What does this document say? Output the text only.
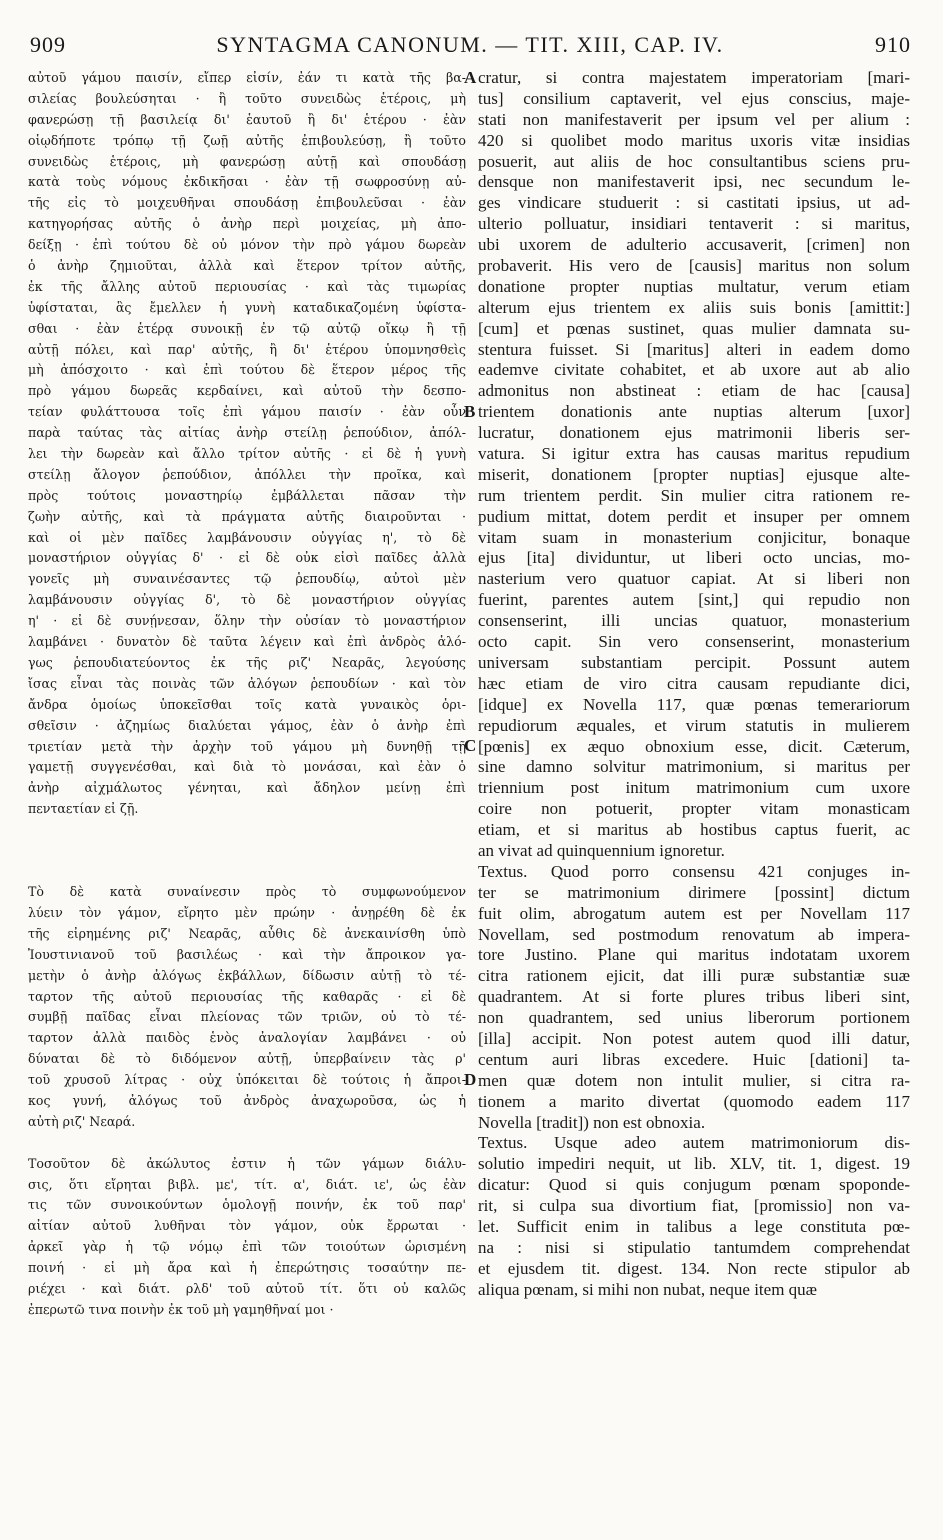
909	SYNTAGMA CANONUM. — TIT. XIII, CAP. IV.	910
A
B
C
D
αὐτοῦ γάμου παισίν, εἴπερ εἰσίν, ἐάν τι κατὰ τῆς βα-
σιλείας βουλεύσηται · ἢ τοῦτο συνειδὼς ἑτέροις, μὴ
φανερώσῃ τῇ βασιλείᾳ δι' ἑαυτοῦ ἢ δι' ἑτέρου · ἐὰν
οἱῳδήποτε τρόπῳ τῇ ζωῇ αὐτῆς ἐπιβουλεύσῃ, ἢ τοῦτο
συνειδὼς ἑτέροις, μὴ φανερώσῃ αὐτῇ καὶ σπουδάσῃ
κατὰ τοὺς νόμους ἐκδικῆσαι · ἐὰν τῇ σωφροσύνῃ αὐ-
τῆς εἰς τὸ μοιχευθῆναι σπουδάσῃ ἐπιβουλεῦσαι · ἐὰν
κατηγορήσας αὐτῆς ὁ ἀνὴρ περὶ μοιχείας, μὴ ἀπο-
δείξῃ · ἐπὶ τούτου δὲ οὐ μόνον τὴν πρὸ γάμου δωρεὰν
ὁ ἀνὴρ ζημιοῦται, ἀλλὰ καὶ ἕτερον τρίτον αὐτῆς,
ἐκ τῆς ἄλλης αὐτοῦ περιουσίας · καὶ τὰς τιμωρίας
ὑφίσταται, ἃς ἔμελλεν ἡ γυνὴ καταδικαζομένη ὑφίστα-
σθαι · ἐὰν ἑτέρᾳ συνοικῇ ἐν τῷ αὐτῷ οἴκῳ ἢ τῇ
αὐτῇ πόλει, καὶ παρ' αὐτῆς, ἢ δι' ἑτέρου ὑπομνησθεὶς
μὴ ἀπόσχοιτο · καὶ ἐπὶ τούτου δὲ ἕτερον μέρος τῆς
πρὸ γάμου δωρεᾶς κερδαίνει, καὶ αὐτοῦ τὴν δεσπο-
τείαν φυλάττουσα τοῖς ἐπὶ γάμου παισίν · ἐὰν οὖν
παρὰ ταύτας τὰς αἰτίας ἀνὴρ στείλῃ ῥεπούδιον, ἀπόλ-
λει τὴν δωρεὰν καὶ ἄλλο τρίτον αὐτῆς · εἰ δὲ ἡ γυνὴ
στείλῃ ἄλογον ῥεπούδιον, ἀπόλλει τὴν προῖκα, καὶ
πρὸς τούτοις μοναστηρίῳ ἐμβάλλεται πᾶσαν τὴν
ζωὴν αὐτῆς, καὶ τὰ πράγματα αὐτῆς διαιροῦνται ·
καὶ οἱ μὲν παῖδες λαμβάνουσιν οὐγγίας η', τὸ δὲ
μοναστήριον οὐγγίας δ' · εἰ δὲ οὐκ εἰσὶ παῖδες ἀλλὰ
γονεῖς μὴ συναινέσαντες τῷ ῥεπουδίῳ, αὐτοὶ μὲν
λαμβάνουσιν οὐγγίας δ', τὸ δὲ μοναστήριον οὐγγίας
η' · εἰ δὲ συνῄνεσαν, ὅλην τὴν οὐσίαν τὸ μοναστήριον
λαμβάνει · δυνατὸν δὲ ταῦτα λέγειν καὶ ἐπὶ ἀνδρὸς ἀλό-
γως ῥεπουδιατεύοντος ἐκ τῆς ριζ' Νεαρᾶς, λεγούσης
ἴσας εἶναι τὰς ποινὰς τῶν ἀλόγων ῥεπουδίων · καὶ τὸν
ἄνδρα ὁμοίως ὑποκεῖσθαι τοῖς κατὰ γυναικὸς ὁρι-
σθεῖσιν · ἀζημίως διαλύεται γάμος, ἐὰν ὁ ἀνὴρ ἐπὶ
τριετίαν μετὰ τὴν ἀρχὴν τοῦ γάμου μὴ δυνηθῇ τῇ
γαμετῇ συγγενέσθαι, καὶ διὰ τὸ μονάσαι, καὶ ἐὰν ὁ
ἀνὴρ αἰχμάλωτος γένηται, καὶ ἄδηλον μείνῃ ἐπὶ
πενταετίαν εἰ ζῇ.
Τὸ δὲ κατὰ συναίνεσιν πρὸς τὸ συμφωνούμενον
λύειν τὸν γάμον, εἴρητο μὲν πρώην · ἀνῃρέθη δὲ ἐκ
τῆς εἰρημένης ριζ' Νεαρᾶς, αὖθις δὲ ἀνεκαινίσθη ὑπὸ
Ἰουστινιανοῦ τοῦ βασιλέως · καὶ τὴν ἄπροικον γα-
μετὴν ὁ ἀνὴρ ἀλόγως ἐκβάλλων, δίδωσιν αὐτῇ τὸ τέ-
ταρτον τῆς αὐτοῦ περιουσίας τῆς καθαρᾶς · εἰ δὲ
συμβῇ παῖδας εἶναι πλείονας τῶν τριῶν, οὐ τὸ τέ-
ταρτον ἀλλὰ παιδὸς ἑνὸς ἀναλογίαν λαμβάνει · οὐ
δύναται δὲ τὸ διδόμενον αὐτῇ, ὑπερβαίνειν τὰς ρ'
τοῦ χρυσοῦ λίτρας · οὐχ ὑπόκειται δὲ τούτοις ἡ ἄπροι-
κος γυνή, ἀλόγως τοῦ ἀνδρὸς ἀναχωροῦσα, ὡς ἡ
αὐτὴ ριζ' Νεαρά.
Τοσοῦτον δὲ ἀκώλυτος ἐστιν ἡ τῶν γάμων διάλυ-
σις, ὅτι εἴρηται βιβλ. με', τίτ. α', διάτ. ιε', ὡς ἐὰν
τις τῶν συνοικούντων ὁμολογῇ ποινήν, ἐκ τοῦ παρ'
αἰτίαν αὐτοῦ λυθῆναι τὸν γάμον, οὐκ ἔρρωται ·
ἀρκεῖ γὰρ ἡ τῷ νόμῳ ἐπὶ τῶν τοιούτων ὡρισμένη
ποινή · εἰ μὴ ἄρα καὶ ἡ ἐπερώτησις τοσαύτην πε-
ριέχει · καὶ διάτ. ρλδ' τοῦ αὐτοῦ τίτ. ὅτι οὐ καλῶς
ἐπερωτῶ τινα ποινὴν ἐκ τοῦ μὴ γαμηθῆναί μοι ·
cratur, si contra majestatem imperatoriam [mari-
tus] consilium captaverit, vel ejus conscius, maje-
stati non manifestaverit per ipsum vel per alium :
420 si quolibet modo maritus uxoris vitæ insidias
posuerit, aut aliis de hoc consultantibus sciens pru-
densque non manifestaverit ipsi, nec secundum le-
ges vindicare studuerit : si castitati ipsius, ut ad-
ulterio polluatur, insidiari tentaverit : si maritus,
ubi uxorem de adulterio accusaverit, [crimen] non
probaverit. His vero de [causis] maritus non solum
donatione propter nuptias multatur, verum etiam
alterum ejus trientem ex aliis suis bonis [amittit:]
[cum] et pœnas sustinet, quas mulier damnata su-
stentura fuisset. Si [maritus] alteri in eadem domo
eademve civitate cohabitet, et ab uxore aut ab alio
admonitus non abstineat : etiam de hac [causa]
trientem donationis ante nuptias alterum [uxor]
lucratur, donationem ejus matrimonii liberis ser-
vatura. Si igitur extra has causas maritus repudium
miserit, donationem [propter nuptias] ejusque alte-
rum trientem perdit. Sin mulier citra rationem re-
pudium mittat, dotem perdit et insuper per omnem
vitam suam in monasterium conjicitur, bonaque
ejus [ita] dividuntur, ut liberi octo uncias, mo-
nasterium vero quatuor capiat. At si liberi non
fuerint, parentes autem [sint,] qui repudio non
consenserint, illi uncias quatuor, monasterium
octo capit. Sin vero consenserint, monasterium
universam substantiam percipit. Possunt autem
hæc etiam de viro citra causam repudiante dici,
[idque] ex Novella 117, quæ pœnas temerariorum
repudiorum æquales, et virum statutis in mulierem
[pœnis] ex æquo obnoxium esse, dicit. Cæterum,
sine damno solvitur matrimonium, si maritus per
triennium post initum matrimonium cum uxore
coire non potuerit, propter vitam monasticam
etiam, et si maritus ab hostibus captus fuerit, ac
an vivat ad quinquennium ignoretur.
Textus. Quod porro consensu 421 conjuges in-
ter se matrimonium dirimere [possint] dictum
fuit olim, abrogatum autem est per Novellam 117
Novellam, sed postmodum renovatum ab impera-
tore Justino. Plane qui maritus indotatam uxorem
citra rationem ejicit, dat illi puræ substantiæ suæ
quadrantem. At si forte plures tribus liberi sint,
non quadrantem, sed unius liberorum portionem
[illa] accipit. Non potest autem quod illi datur,
centum auri libras excedere. Huic [dationi] ta-
men quæ dotem non intulit mulier, si citra ra-
tionem a marito divertat (quomodo eadem 117
Novella [tradit]) non est obnoxia.
Textus. Usque adeo autem matrimoniorum dis-
solutio impediri nequit, ut lib. XLV, tit. 1, digest. 19
dicatur: Quod si quis conjugum pœnam spoponde-
rit, si culpa sua divortium fiat, [promissio] non va-
let. Sufficit enim in talibus a lege constituta pœ-
na : nisi si stipulatio tantumdem comprehendat
et ejusdem tit. digest. 134. Non recte stipulor ab
aliqua pœnam, si mihi non nubat, neque item quæ
